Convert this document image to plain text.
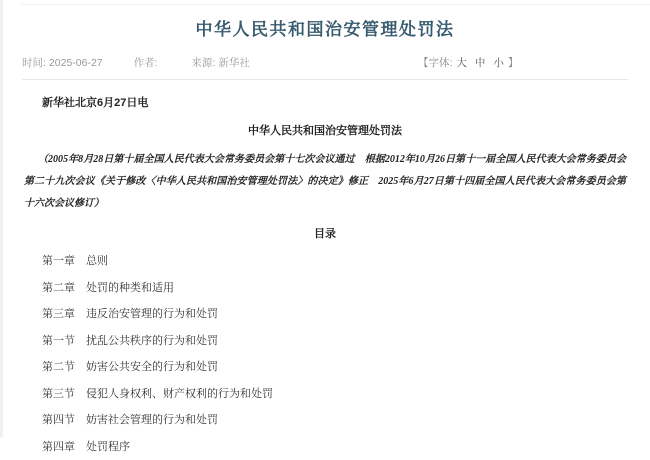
中华人民共和国治安管理处罚法
时间: 2025-06-27	作者:	来源: 新华社	【字体: 大 中 小 】

新华社北京6月27日电

中华人民共和国治安管理处罚法

（2005年8月28日第十届全国人民代表大会常务委员会第十七次会议通过　根据2012年10月26日第十一届全国人民代表大会常务委员会第二十九次会议《关于修改〈中华人民共和国治安管理处罚法〉的决定》修正　2025年6月27日第十四届全国人民代表大会常务委员会第十六次会议修订）

目录

第一章 总则
第二章 处罚的种类和适用
第三章 违反治安管理的行为和处罚
第一节 扰乱公共秩序的行为和处罚
第二节 妨害公共安全的行为和处罚
第三节 侵犯人身权利、财产权利的行为和处罚
第四节 妨害社会管理的行为和处罚
第四章 处罚程序
